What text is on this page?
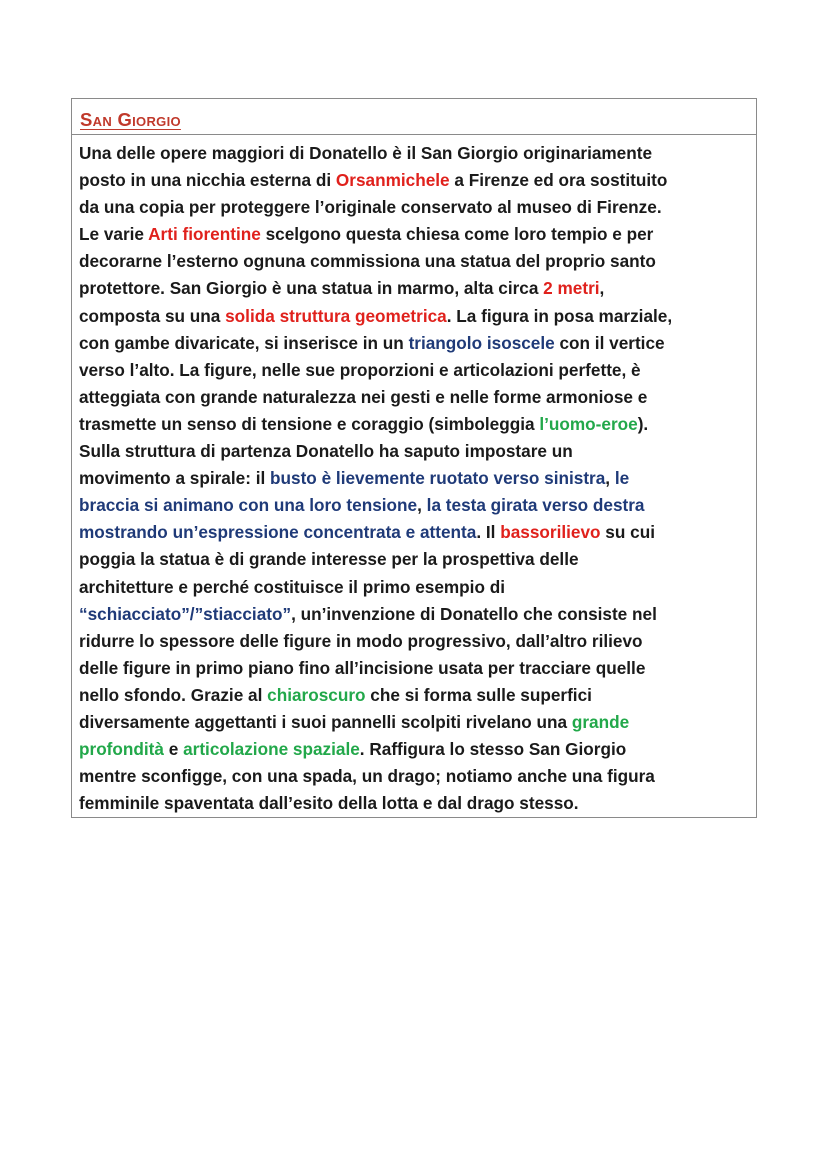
San Giorgio
Una delle opere maggiori di Donatello è il San Giorgio originariamente
posto in una nicchia esterna di Orsanmichele a Firenze ed ora sostituito
da una copia per proteggere l’originale conservato al museo di Firenze.
Le varie Arti fiorentine scelgono questa chiesa come loro tempio e per
decorarne l’esterno ognuna commissiona una statua del proprio santo
protettore. San Giorgio è una statua in marmo, alta circa 2 metri,
composta su una solida struttura geometrica. La figura in posa marziale,
con gambe divaricate, si inserisce in un triangolo isoscele con il vertice
verso l’alto. La figure, nelle sue proporzioni e articolazioni perfette, è
atteggiata con grande naturalezza nei gesti e nelle forme armoniose e
trasmette un senso di tensione e coraggio (simboleggia l’uomo-eroe).
Sulla struttura di partenza Donatello ha saputo impostare un
movimento a spirale: il busto è lievemente ruotato verso sinistra, le
braccia si animano con una loro tensione, la testa girata verso destra
mostrando un’espressione concentrata e attenta. Il bassorilievo su cui
poggia la statua è di grande interesse per la prospettiva delle
architetture e perché costituisce il primo esempio di
“schiacciato”/”stiacciato”, un’invenzione di Donatello che consiste nel
ridurre lo spessore delle figure in modo progressivo, dall’altro rilievo
delle figure in primo piano fino all’incisione usata per tracciare quelle
nello sfondo. Grazie al chiaroscuro che si forma sulle superfici
diversamente aggettanti i suoi pannelli scolpiti rivelano una grande
profondità e articolazione spaziale. Raffigura lo stesso San Giorgio
mentre sconfigge, con una spada, un drago; notiamo anche una figura
femminile spaventata dall’esito della lotta e dal drago stesso.
